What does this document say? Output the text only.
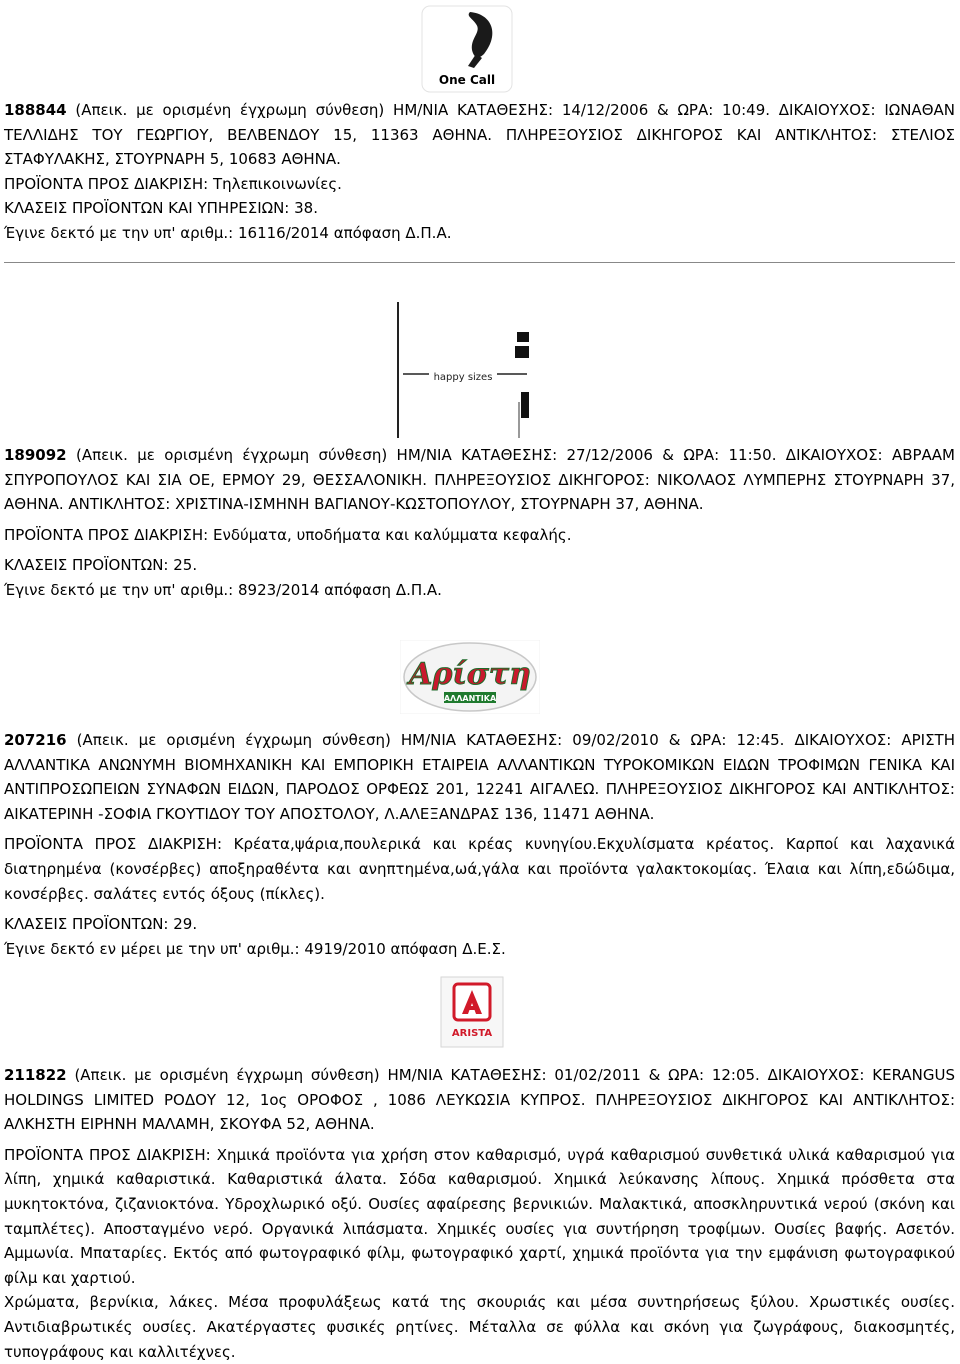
One Call

188844 (Απεικ. με ορισμένη έγχρωμη σύνθεση) ΗΜ/ΝΙΑ ΚΑΤΑΘΕΣΗΣ: 14/12/2006 & ΩΡΑ: 10:49. ΔΙΚΑΙΟΥΧΟΣ: ΙΩΝΑΘΑΝ ΤΕΛΛΙΔΗΣ ΤΟΥ ΓΕΩΡΓΙΟΥ, ΒΕΛΒΕΝΔΟΥ 15, 11363 ΑΘΗΝΑ. ΠΛΗΡΕΞΟΥΣΙΟΣ ΔΙΚΗΓΟΡΟΣ ΚΑΙ ΑΝΤΙΚΛΗΤΟΣ: ΣΤΕΛΙΟΣ ΣΤΑΦΥΛΑΚΗΣ, ΣΤΟΥΡΝΑΡΗ 5, 10683 ΑΘΗΝΑ.

ΠΡΟΪΟΝΤΑ ΠΡΟΣ ΔΙΑΚΡΙΣΗ: Τηλεπικοινωνίες.

ΚΛΑΣΕΙΣ ΠΡΟΪΟΝΤΩΝ ΚΑΙ ΥΠΗΡΕΣΙΩΝ: 38.

Έγινε δεκτό με την υπ' αριθμ.: 16116/2014 απόφαση Δ.Π.Α.

happy sizes

189092 (Απεικ. με ορισμένη έγχρωμη σύνθεση) ΗΜ/ΝΙΑ ΚΑΤΑΘΕΣΗΣ: 27/12/2006 & ΩΡΑ: 11:50. ΔΙΚΑΙΟΥΧΟΣ: ΑΒΡΑΑΜ ΣΠΥΡΟΠΟΥΛΟΣ ΚΑΙ ΣΙΑ ΟΕ, ΕΡΜΟΥ 29, ΘΕΣΣΑΛΟΝΙΚΗ. ΠΛΗΡΕΞΟΥΣΙΟΣ ΔΙΚΗΓΟΡΟΣ: ΝΙΚΟΛΑΟΣ ΛΥΜΠΕΡΗΣ ΣΤΟΥΡΝΑΡΗ 37, ΑΘΗΝΑ. ΑΝΤΙΚΛΗΤΟΣ: ΧΡΙΣΤΙΝΑ-ΙΣΜΗΝΗ ΒΑΓΙΑΝΟΥ-ΚΩΣΤΟΠΟΥΛΟΥ, ΣΤΟΥΡΝΑΡΗ 37, ΑΘΗΝΑ.

ΠΡΟΪΟΝΤΑ ΠΡΟΣ ΔΙΑΚΡΙΣΗ: Ενδύματα, υποδήματα και καλύμματα κεφαλής.

ΚΛΑΣΕΙΣ ΠΡΟΪΟΝΤΩΝ: 25.

Έγινε δεκτό με την υπ' αριθμ.: 8923/2014 απόφαση Δ.Π.Α.

Αρίστη
ΑΛΛΑΝΤΙΚΑ

207216 (Απεικ. με ορισμένη έγχρωμη σύνθεση) ΗΜ/ΝΙΑ ΚΑΤΑΘΕΣΗΣ: 09/02/2010 & ΩΡΑ: 12:45. ΔΙΚΑΙΟΥΧΟΣ: ΑΡΙΣΤΗ ΑΛΛΑΝΤΙΚΑ ΑΝΩΝΥΜΗ ΒΙΟΜΗΧΑΝΙΚΗ ΚΑΙ ΕΜΠΟΡΙΚΗ ΕΤΑΙΡΕΙΑ ΑΛΛΑΝΤΙΚΩΝ ΤΥΡΟΚΟΜΙΚΩΝ ΕΙΔΩΝ ΤΡΟΦΙΜΩΝ ΓΕΝΙΚΑ ΚΑΙ ΑΝΤΙΠΡΟΣΩΠΕΙΩΝ ΣΥΝΑΦΩΝ ΕΙΔΩΝ, ΠΑΡΟΔΟΣ ΟΡΦΕΩΣ 201, 12241 ΑΙΓΑΛΕΩ. ΠΛΗΡΕΞΟΥΣΙΟΣ ΔΙΚΗΓΟΡΟΣ ΚΑΙ ΑΝΤΙΚΛΗΤΟΣ: ΑΙΚΑΤΕΡΙΝΗ -ΣΟΦΙΑ ΓΚΟΥΤΙΔΟΥ ΤΟΥ ΑΠΟΣΤΟΛΟΥ, Λ.ΑΛΕΞΑΝΔΡΑΣ 136, 11471 ΑΘΗΝΑ.

ΠΡΟΪΟΝΤΑ ΠΡΟΣ ΔΙΑΚΡΙΣΗ: Κρέατα,ψάρια,πουλερικά και κρέας κυνηγίου.Εκχυλίσματα κρέατος. Καρποί και λαχανικά διατηρημένα (κονσέρβες) αποξηραθέντα και ανηπτημένα,ωά,γάλα και προϊόντα γαλακτοκομίας. Έλαια και λίπη,εδώδιμα, κονσέρβες. σαλάτες εντός όξους (πίκλες).

ΚΛΑΣΕΙΣ ΠΡΟΪΟΝΤΩΝ: 29.

Έγινε δεκτό εν μέρει με την υπ' αριθμ.: 4919/2010 απόφαση Δ.Ε.Σ.

ARISTA

211822 (Απεικ. με ορισμένη έγχρωμη σύνθεση) ΗΜ/ΝΙΑ ΚΑΤΑΘΕΣΗΣ: 01/02/2011 & ΩΡΑ: 12:05. ΔΙΚΑΙΟΥΧΟΣ: KERANGUS HOLDINGS LIMITED ΡΟΔΟΥ 12, 1ος ΟΡΟΦΟΣ , 1086 ΛΕΥΚΩΣΙΑ ΚΥΠΡΟΣ. ΠΛΗΡΕΞΟΥΣΙΟΣ ΔΙΚΗΓΟΡΟΣ ΚΑΙ ΑΝΤΙΚΛΗΤΟΣ: ΑΛΚΗΣΤΗ ΕΙΡΗΝΗ ΜΑΛΑΜΗ, ΣΚΟΥΦΑ 52, ΑΘΗΝΑ.

ΠΡΟΪΟΝΤΑ ΠΡΟΣ ΔΙΑΚΡΙΣΗ: Χημικά προϊόντα για χρήση στον καθαρισμό, υγρά καθαρισμού συνθετικά υλικά καθαρισμού για λίπη, χημικά καθαριστικά. Καθαριστικά άλατα. Σόδα καθαρισμού. Χημικά λεύκανσης λίπους. Χημικά πρόσθετα στα μυκητοκτόνα, ζιζανιοκτόνα. Υδροχλωρικό οξύ. Ουσίες αφαίρεσης βερνικιών. Μαλακτικά, αποσκληρυντικά νερού (σκόνη και ταμπλέτες). Αποσταγμένο νερό. Οργανικά λιπάσματα. Χημικές ουσίες για συντήρηση τροφίμων. Ουσίες βαφής. Ασετόν. Αμμωνία. Μπαταρίες. Εκτός από φωτογραφικό φίλμ, φωτογραφικό χαρτί, χημικά προϊόντα για την εμφάνιση φωτογραφικού φίλμ και χαρτιού.

Χρώματα, βερνίκια, λάκες. Μέσα προφυλάξεως κατά της σκουριάς και μέσα συντηρήσεως ξύλου. Χρωστικές ουσίες. Αντιδιαβρωτικές ουσίες. Ακατέργαστες φυσικές ρητίνες. Μέταλλα σε φύλλα και σκόνη για ζωγράφους, διακοσμητές, τυπογράφους και καλλιτέχνες.
